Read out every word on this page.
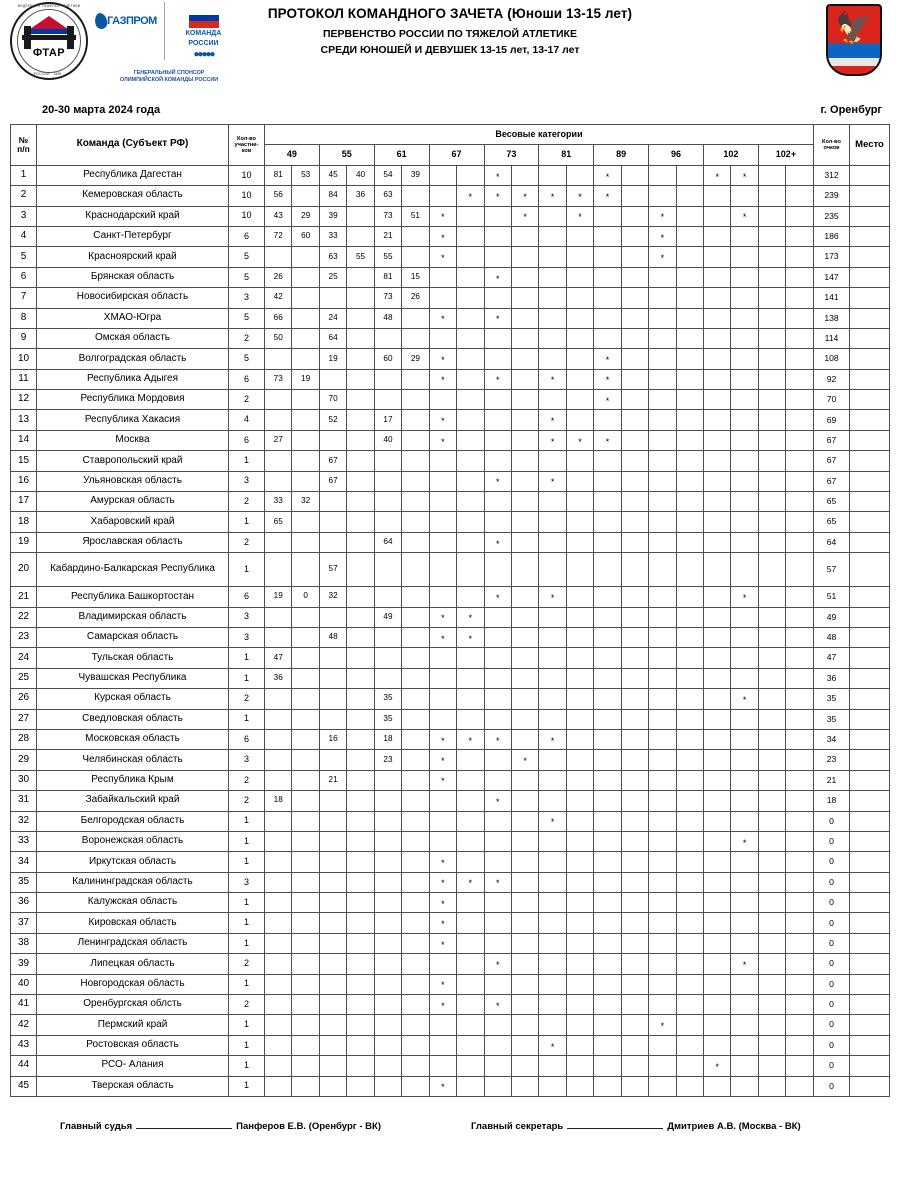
ФЕДЕРАЦИЯ ТЯЖЕЛОЙ АТЛЕТИКИ
ФТАР
РОССИИ · 1885 ·
ГАЗПРОМ
КОМАНДА
РОССИИ
●●●●●
ГЕНЕРАЛЬНЫЙ СПОНСОР
ОЛИМПИЙСКОЙ КОМАНДЫ РОССИИ
ПРОТОКОЛ КОМАНДНОГО ЗАЧЕТА (Юноши 13-15 лет)
ПЕРВЕНСТВО РОССИИ ПО ТЯЖЕЛОЙ АТЛЕТИКЕ
СРЕДИ ЮНОШЕЙ И ДЕВУШЕК 13-15 лет, 13-17 лет
🦅
20-30 марта 2024 года	г. Оренбург
№
п/п	Команда (Субъект РФ)	Кол-во
участни-
ков
	Весовые категории	
Кол-во
очков	Место
			49		55		61		67		73		81		89		96		102		102+			
1	Республика Дагестан	10	81	53	45	40	54	39			*				*				*	*			312	
2	Кемеровская область	10	56		84	36	63			*	*	*	*	*	*								239	
3	Краснодарский край	10	43	29	39		73	51	*			*		*			*			*			235	
4	Санкт-Петербург	6	72	60	33		21		*								*						186	
5	Красноярский край	5			63	55	55		*								*						173	
6	Брянская область	5	26		25		81	15			*												147	
7	Новосибирская область	3	42				73	26															141	
8	ХМАО-Югра	5	66		24		48		*		*												138	
9	Омская область	2	50		64																		114	
10	Волгоградская область	5			19		60	29	*						*								108	
11	Республика Адыгея	6	73	19					*		*		*		*								92	
12	Республика Мордовия	2			70										*								70	
13	Республика Хакасия	4			52		17		*				*										69	
14	Москва	6	27				40		*				*	*	*								67	
15	Ставропольский край	1			67																		67	
16	Ульяновская область	3			67						*		*										67	
17	Амурская область	2	33	32																			65	
18	Хабаровский край	1	65																				65	
19	Ярославская область	2					64				*												64	
20	Кабардино-Балкарская Республика	1			57																		57	
21	Республика Башкортостан	6	19	0	32						*		*							*			51	
22	Владимирская область	3					49		*	*													49	
23	Самарская область	3			48				*	*													48	
24	Тульская область	1	47																				47	
25	Чувашская Республика	1	36																				36	
26	Курская область	2					35													*			35	
27	Сведловская область	1					35																35	
28	Московская область	6			16		18		*	*	*		*										34	
29	Челябинская область	3					23		*			*											23	
30	Республика Крым	2			21				*														21	
31	Забайкальский край	2	18								*												18	
32	Белгородская область	1											*										0	
33	Воронежская область	1																		*			0	
34	Иркутская область	1							*														0	
35	Калининградская область	3							*	*	*												0	
36	Калужская область	1							*														0	
37	Кировская область	1							*														0	
38	Ленинградская область	1							*														0	
39	Липецкая область	2									*									*			0	
40	Новгородская область	1							*														0	
41	Оренбургская облсть	2							*		*												0	
42	Пермский край	1															*						0	
43	Ростовская область	1											*										0	
44	РСО- Алания	1																	*				0	
45	Тверская область	1							*														0	
Главный судья	Панферов Е.В. (Оренбург - ВК)	Главный секретарь	Дмитриев А.В. (Москва - ВК)
